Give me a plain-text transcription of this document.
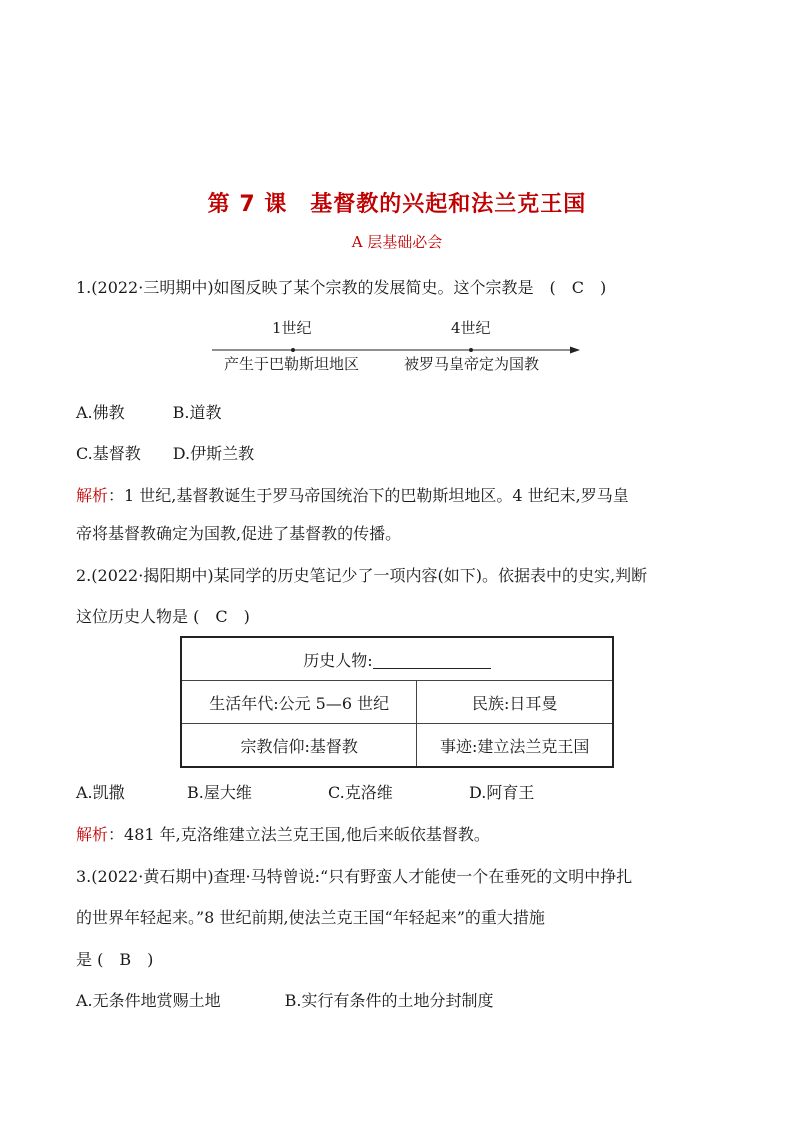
第 7 课　基督教的兴起和法兰克王国
A 层基础必会
1.(2022·三明期中)如图反映了某个宗教的发展简史。这个宗教是　(　C　)
1世纪	4世纪
产生于巴勒斯坦地区	被罗马皇帝定为国教
A.佛教　　　B.道教
C.基督教　　D.伊斯兰教
解析：1 世纪,基督教诞生于罗马帝国统治下的巴勒斯坦地区。4 世纪末,罗马皇
帝将基督教确定为国教,促进了基督教的传播。
2.(2022·揭阳期中)某同学的历史笔记少了一项内容(如下)。依据表中的史实,判断
这位历史人物是 (　C　)
历史人物:	
生活年代:公元 5—6 世纪	民族:日耳曼
宗教信仰:基督教	事迹:建立法兰克王国
A.凯撒	B.屋大维	C.克洛维	D.阿育王
解析：481 年,克洛维建立法兰克王国,他后来皈依基督教。
3.(2022·黄石期中)查理·马特曾说:“只有野蛮人才能使一个在垂死的文明中挣扎
的世界年轻起来。”8 世纪前期,使法兰克王国“年轻起来”的重大措施
是 (　B　)
A.无条件地赏赐土地　　　　B.实行有条件的土地分封制度
